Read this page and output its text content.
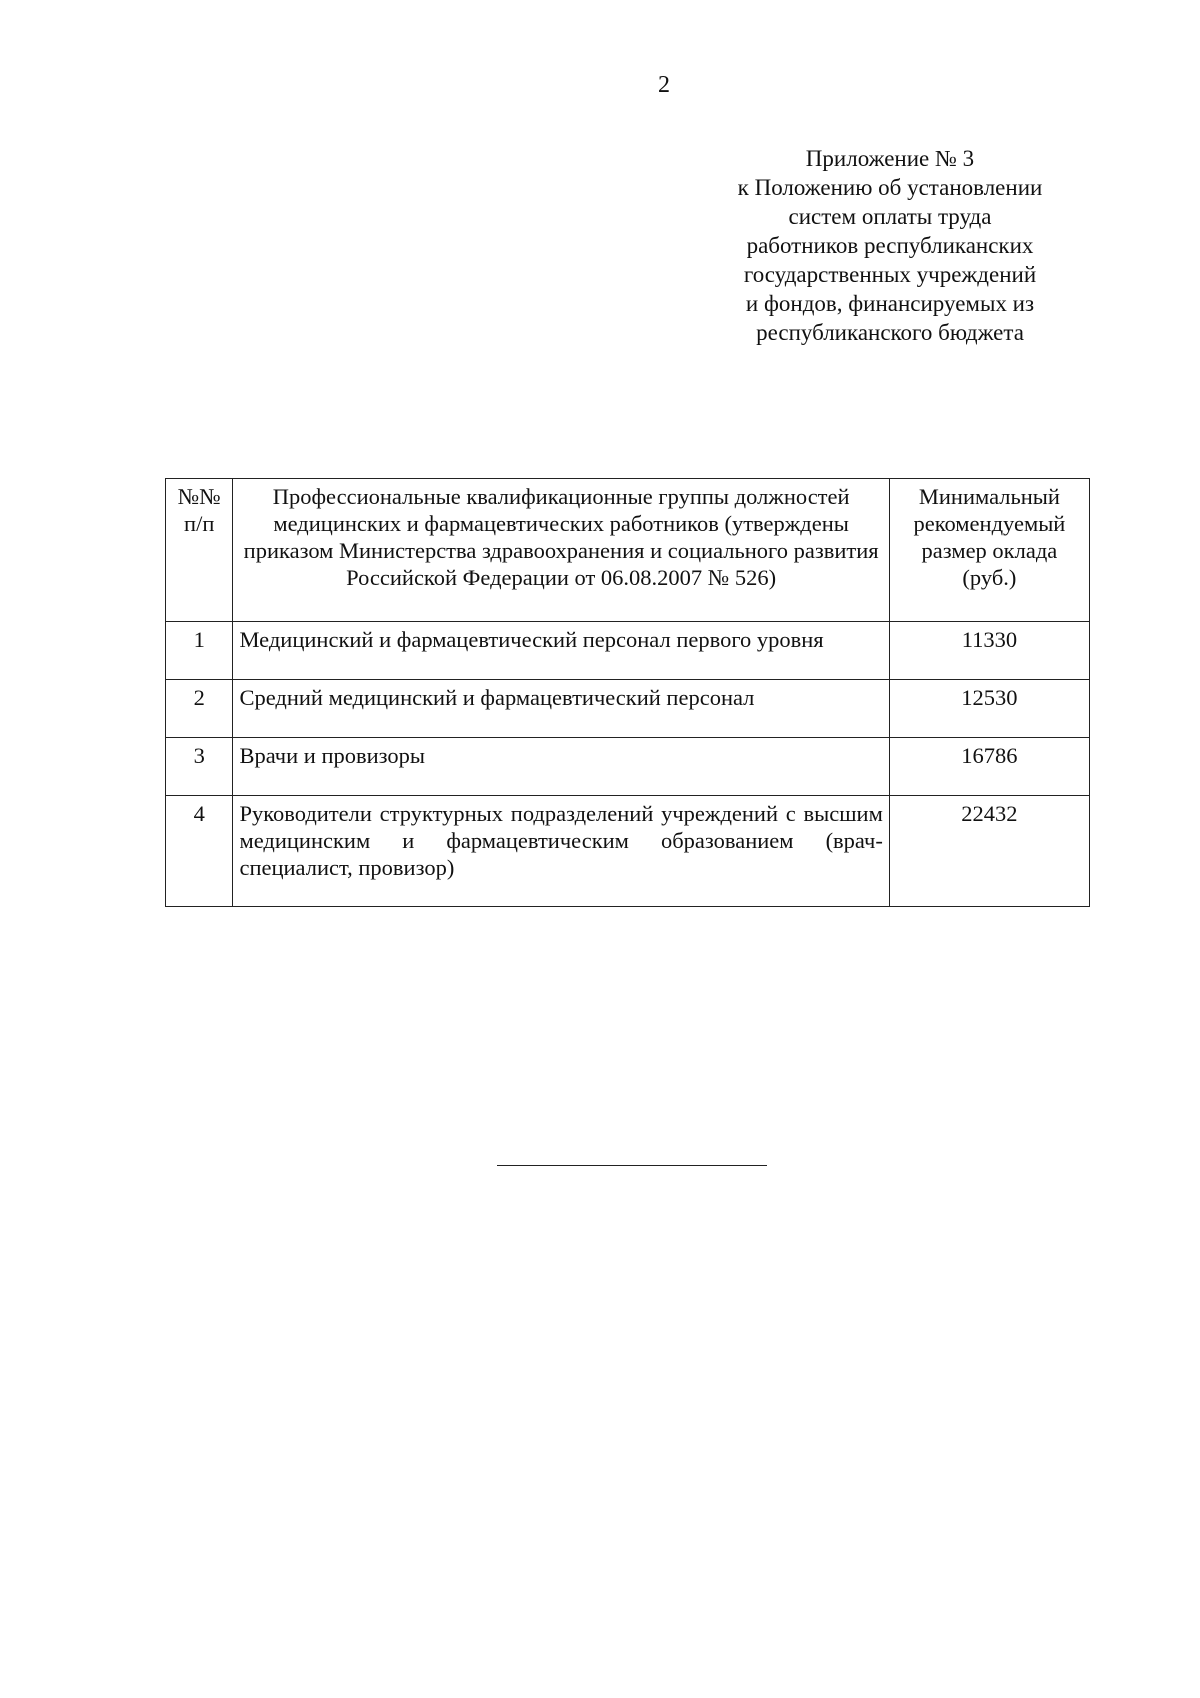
2
Приложение № 3
к Положению об установлении
систем оплаты труда
работников республиканских
государственных учреждений
и фондов, финансируемых из
республиканского бюджета
№№ п/п	Профессиональные квалификационные группы должностей медицинских и фармацевтических работников (утверждены приказом Министерства здравоохранения и социального развития Российской Федерации от 06.08.2007 № 526)	Минимальный рекомендуемый размер оклада (руб.)
1	Медицинский и фармацевтический персонал первого уровня	11330
2	Средний медицинский и фармацевтический персонал	12530
3	Врачи и провизоры	16786
4	Руководители структурных подразделений учреждений с высшим медицинским и фармацевтическим образованием (врач-специалист, провизор)	22432
